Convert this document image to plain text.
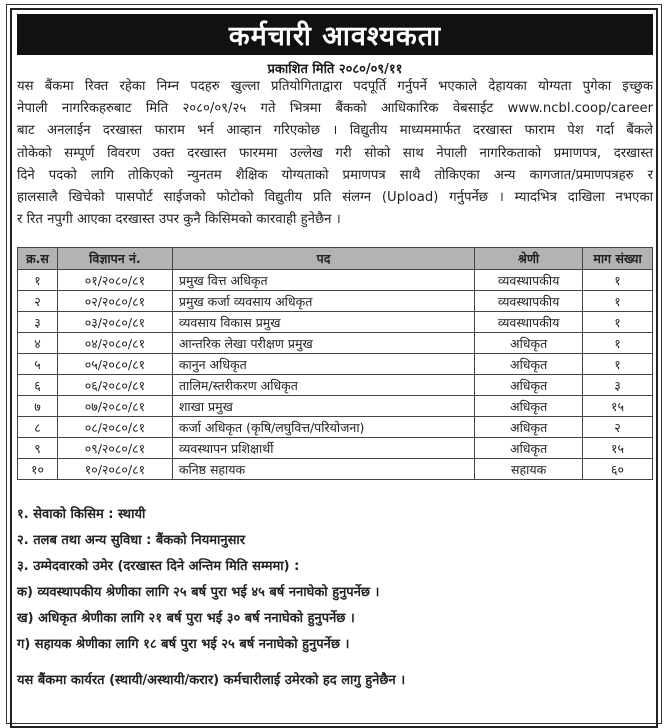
कर्मचारी आवश्यकता
प्रकाशित मिति २०८०/०९/११
यस बैंकमा रिक्त रहेका निम्न पदहरु खुल्ला प्रतियोगिताद्वारा पदपूर्ति गर्नुपर्ने भएकाले देहायका योग्यता पुगेका इच्छुक
नेपाली नागरिकहरुबाट मिति २०८०/०९/२५ गते भित्रमा बैंकको आधिकारिक वेबसाईट www.ncbl.coop/career
बाट अनलाईन दरखास्त फाराम भर्न आव्हान गरिएकोछ । विद्युतीय माध्यममार्फत दरखास्त फाराम पेश गर्दा बैंकले
तोकेको सम्पूर्ण विवरण उक्त दरखास्त फारममा उल्लेख गरी सोको साथ नेपाली नागरिकताको प्रमाणपत्र, दरखास्त
दिने पदको लागि तोकिएको न्युनतम शैक्षिक योग्यताको प्रमाणपत्र साथै तोकिएका अन्य कागजात/प्रमाणपत्रहरु र
हालसालै खिचेको पासपोर्ट साईजको फोटोको विद्युतीय प्रति संलग्न (Upload) गर्नुपर्नेछ । म्यादभित्र दाखिला नभएका
र रित नपुगी आएका दरखास्त उपर कुनै किसिमको कारवाही हुनेछैन ।
क्र.स	विज्ञापन नं.	पद	श्रेणी	माग संख्या
१	०१/२०८०/८१	प्रमुख वित्त अधिकृत	व्यवस्थापकीय	१
२	०२/२०८०/८१	प्रमुख कर्जा व्यवसाय अधिकृत	व्यवस्थापकीय	१
३	०३/२०८०/८१	व्यवसाय विकास प्रमुख	व्यवस्थापकीय	१
४	०४/२०८०/८१	आन्तरिक लेखा परीक्षण प्रमुख	अधिकृत	१
५	०५/२०८०/८१	कानुन अधिकृत	अधिकृत	१
६	०६/२०८०/८१	तालिम/स्तरीकरण अधिकृत	अधिकृत	३
७	०७/२०८०/८१	शाखा प्रमुख	अधिकृत	१५
८	०८/२०८०/८१	कर्जा अधिकृत (कृषि/लघुवित्त/परियोजना)	अधिकृत	२
९	०९/२०८०/८१	व्यवस्थापन प्रशिक्षार्थी	अधिकृत	१५
१०	१०/२०८०/८१	कनिष्ठ सहायक	सहायक	६०
१. सेवाको किसिम : स्थायी
२. तलब तथा अन्य सुविधा : बैंकको नियमानुसार
३. उम्मेदवारको उमेर (दरखास्त दिने अन्तिम मिति सम्ममा) :
क) व्यवस्थापकीय श्रेणीका लागि २५ बर्ष पुरा भई ४५ बर्ष ननाघेको हुनुपर्नेछ ।
ख) अधिकृत श्रेणीका लागि २१ बर्ष पुरा भई ३० बर्ष ननाघेको हुनुपर्नेछ ।
ग) सहायक श्रेणीका लागि १८ बर्ष पुरा भई २५ बर्ष ननाघेको हुनुपर्नेछ ।
यस बैंकमा कार्यरत (स्थायी/अस्थायी/करार) कर्मचारीलाई उमेरको हद लागु हुनेछैन ।
